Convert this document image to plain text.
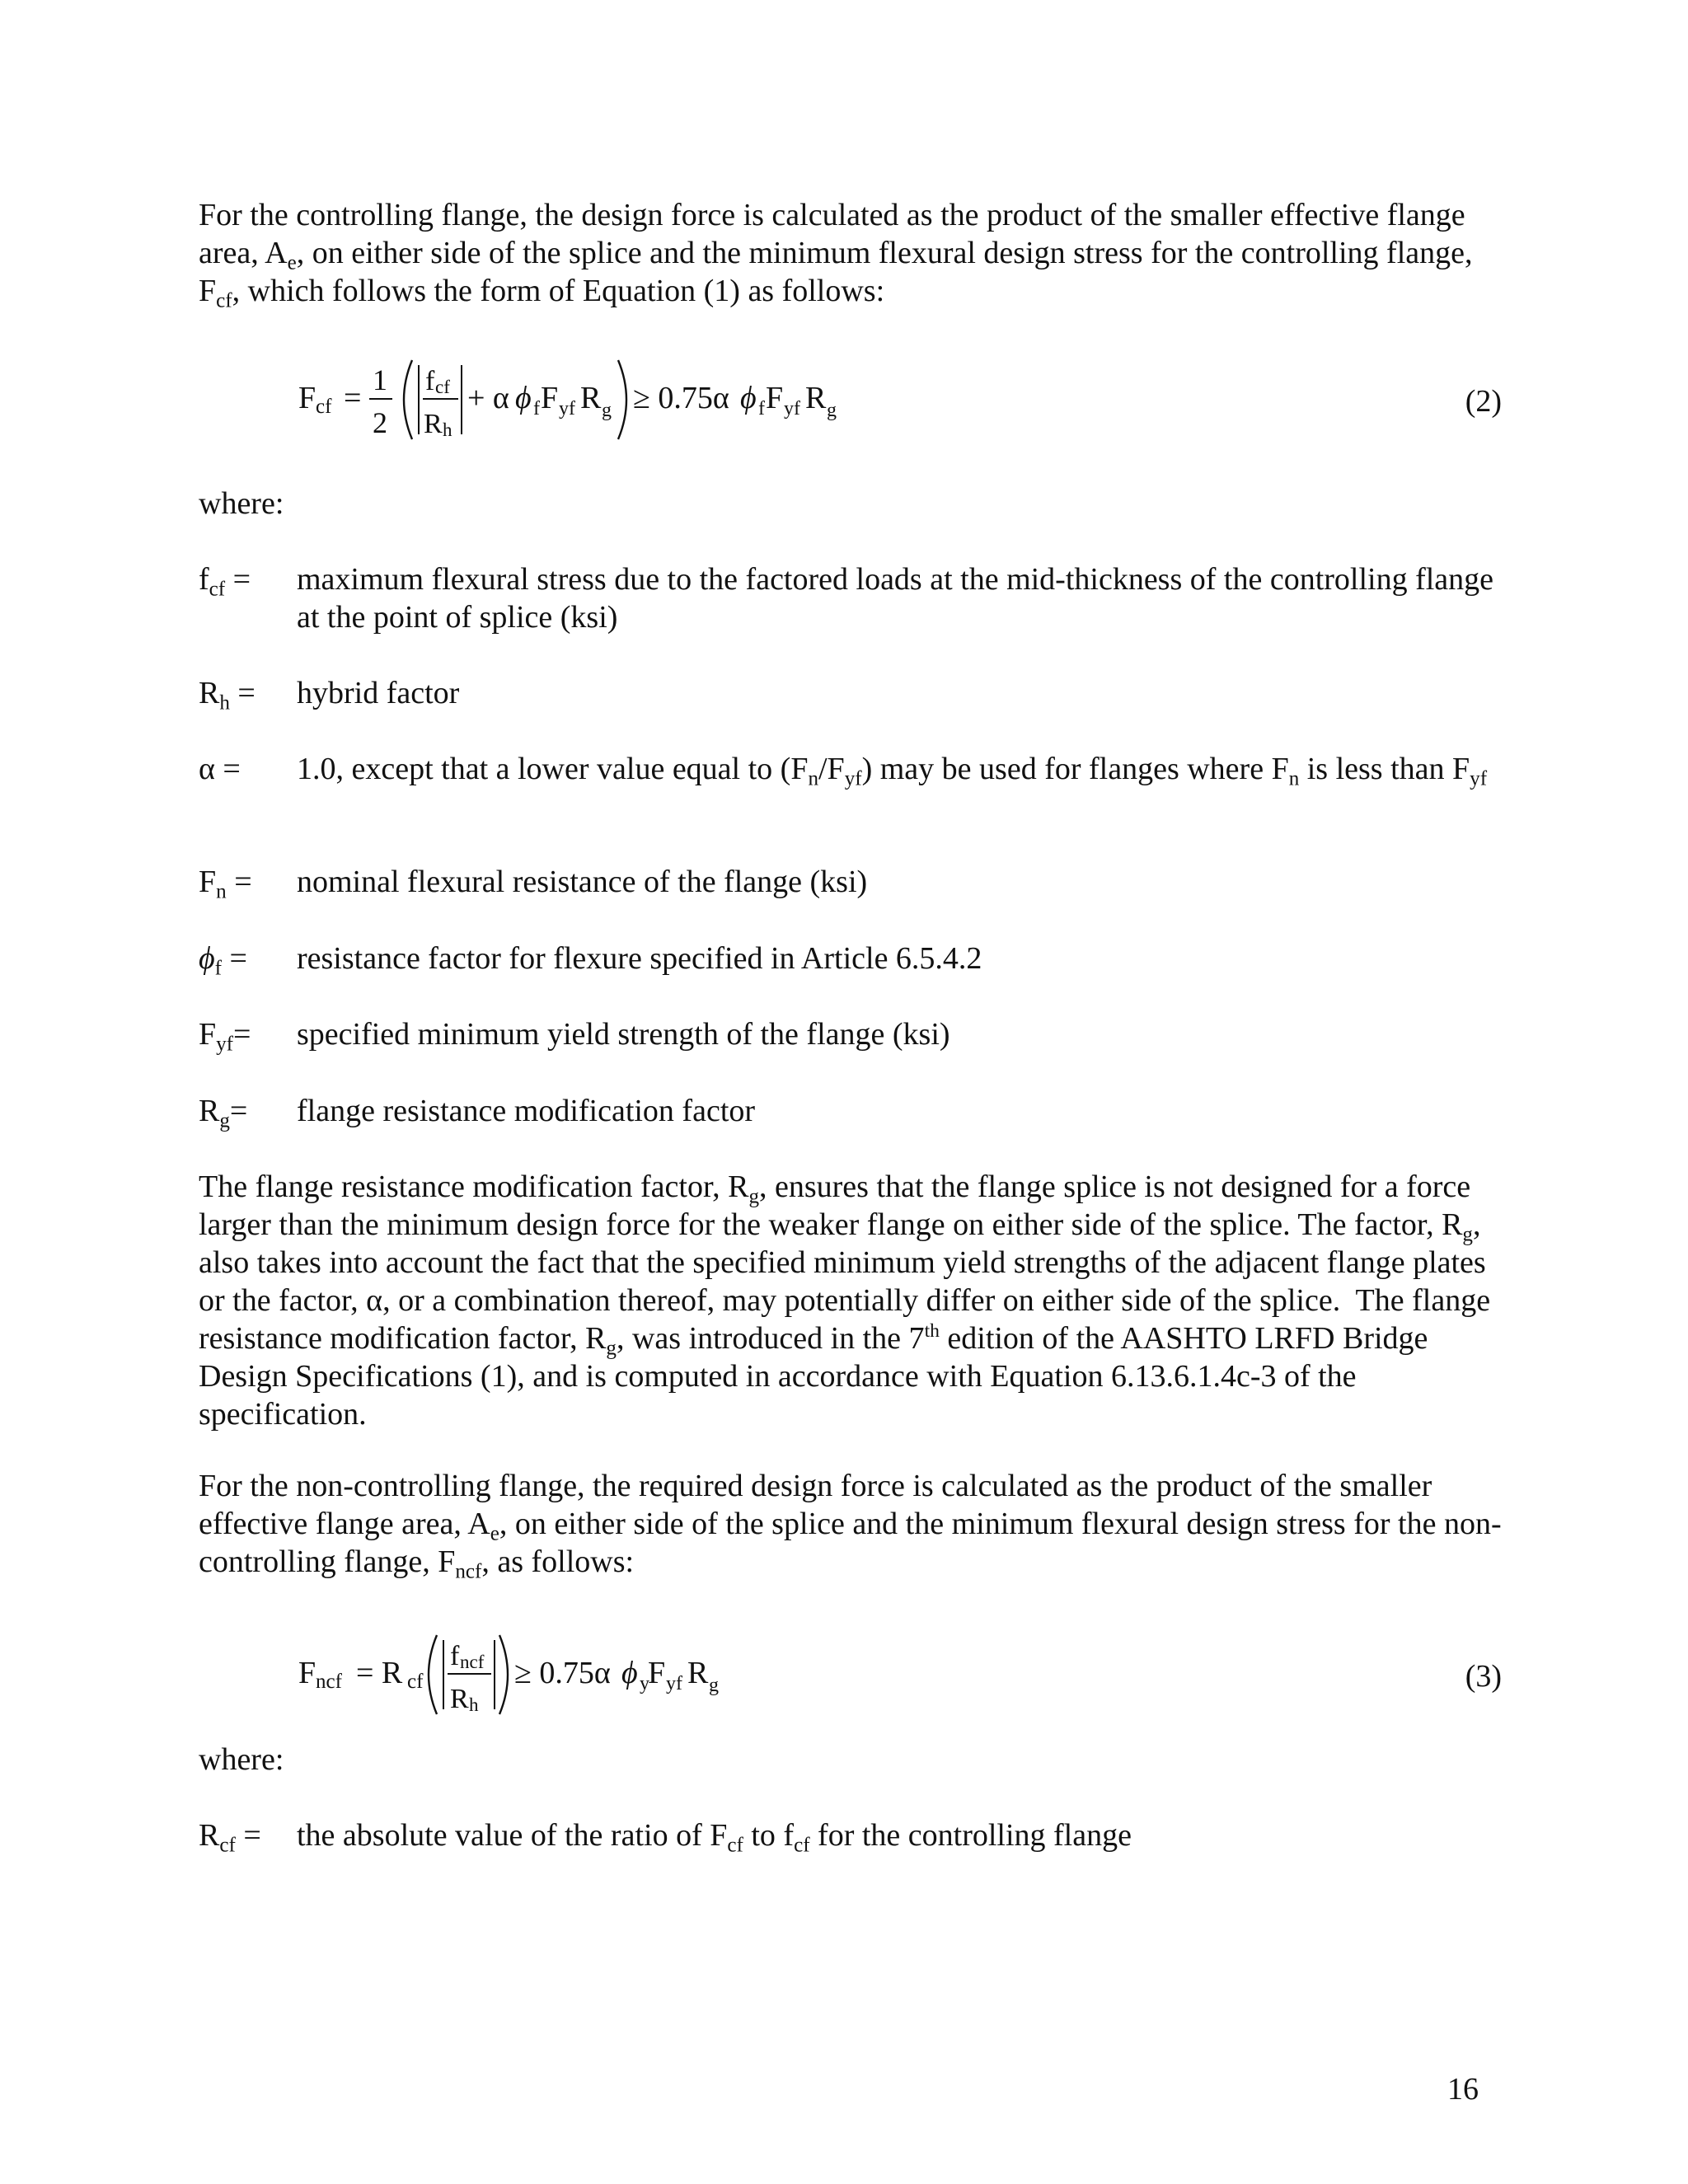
For the controlling flange, the design force is calculated as the product of the smaller effective flange area, $A_e$, on either side of the splice and the minimum flexural design stress for the controlling flange, $F_{cf}$, which follows the form of Equation (1) as follows:

F cf =
1
2
f cf
R h
+ α ϕ f F yf R g ≥ 0.75α ϕ f F yf R g	(2)
where:
$f_{cf}$ =	maximum flexural stress due to the factored loads at the mid-thickness of the controlling flange at the point of splice (ksi)
$R_h$ =	hybrid factor
α =	1.0, except that a lower value equal to $(F_n/F_{yf})$ may be used for flanges where $F_n$ is less than $F_{yf}$
$F_n$ =	nominal flexural resistance of the flange (ksi)
$\phi_f$ =	resistance factor for flexure specified in Article 6.5.4.2
$F_{yf}=$	specified minimum yield strength of the flange (ksi)
$R_g=$	flange resistance modification factor

The flange resistance modification factor, $R_g$, ensures that the flange splice is not designed for a force larger than the minimum design force for the weaker flange on either side of the splice. The factor, $R_g$, also takes into account the fact that the specified minimum yield strengths of the adjacent flange plates or the factor, α, or a combination thereof, may potentially differ on either side of the splice.  The flange resistance modification factor, $R_g$, was introduced in the 7th edition of the AASHTO LRFD Bridge Design Specifications (1), and is computed in accordance with Equation 6.13.6.1.4c-3 of the specification.

For the non-controlling flange, the required design force is calculated as the product of the smaller effective flange area, $A_e$, on either side of the splice and the minimum flexural design stress for the non-controlling flange, $F_{ncf}$, as follows:

F ncf = R cf
f ncf
R h
≥ 0.75α ϕ y
F yf R g	(3)
where:
$R_{cf}$ =	the absolute value of the ratio of $F_{cf}$ to $f_{cf}$ for the controlling flange
16
